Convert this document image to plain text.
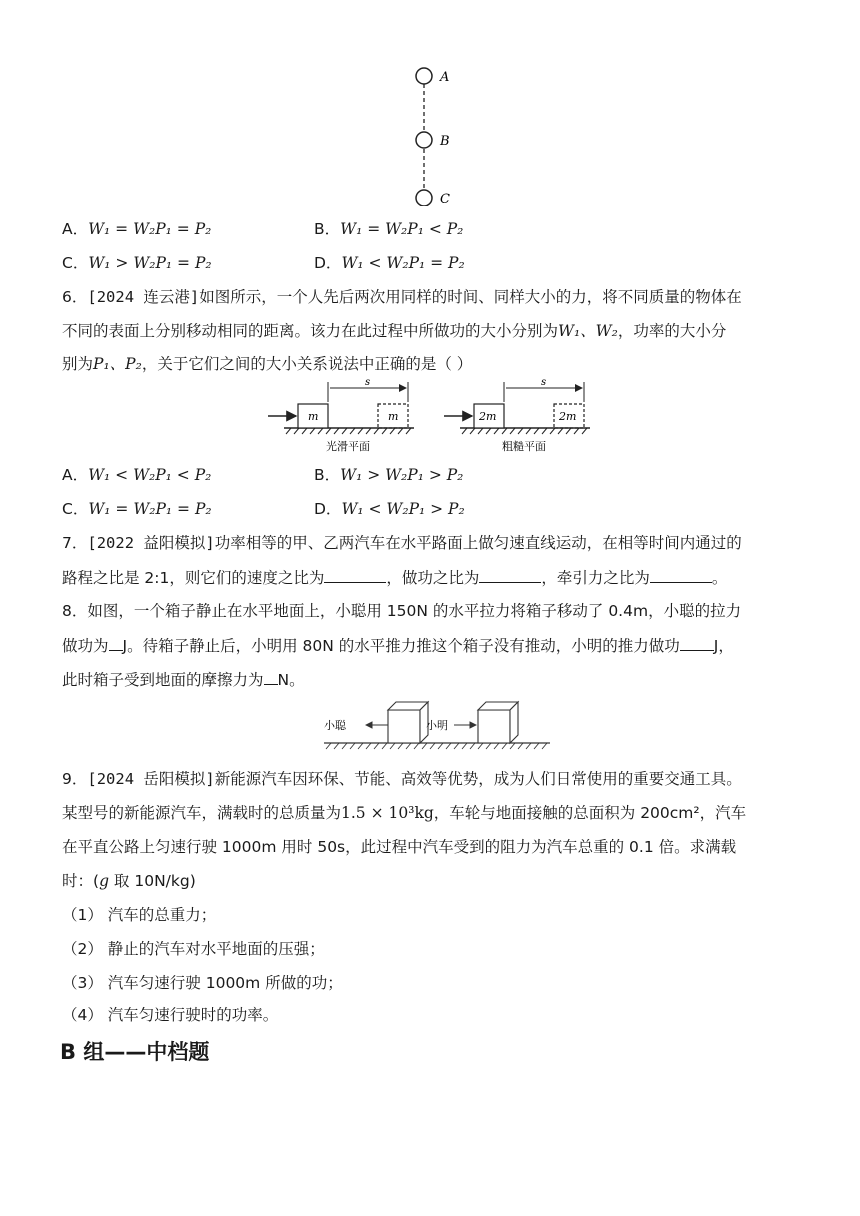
A
B
C
A．W₁ = W₂P₁ = P₂	B．W₁ = W₂P₁ < P₂
C．W₁ > W₂P₁ = P₂	D．W₁ < W₂P₁ = P₂
6．[2024 连云港]如图所示，一个人先后两次用同样的时间、同样大小的力，将不同质量的物体在
不同的表面上分别移动相同的距离。该力在此过程中所做功的大小分别为W₁、W₂，功率的大小分
别为P₁、P₂，关于它们之间的大小关系说法中正确的是（ ）
m	m
s
光滑平面
2m	2m
s
粗糙平面
A．W₁ < W₂P₁ < P₂	B．W₁ > W₂P₁ > P₂
C．W₁ = W₂P₁ = P₂	D．W₁ < W₂P₁ > P₂
7．[2022 益阳模拟]功率相等的甲、乙两汽车在水平路面上做匀速直线运动，在相等时间内通过的
路程之比是 2:1，则它们的速度之比为	，做功之比为	，牵引力之比为	。
8．如图，一个箱子静止在水平地面上，小聪用 150N 的水平拉力将箱子移动了 0.4m，小聪的拉力
做功为 J。待箱子静止后，小明用 80N 的水平推力推这个箱子没有推动，小明的推力做功 J，
此时箱子受到地面的摩擦力为 N。
小聪	小明
9．[2024 岳阳模拟]新能源汽车因环保、节能、高效等优势，成为人们日常使用的重要交通工具。
某型号的新能源汽车，满载时的总质量为1.5 × 10³kg，车轮与地面接触的总面积为 200cm²，汽车
在平直公路上匀速行驶 1000m 用时 50s，此过程中汽车受到的阻力为汽车总重的 0.1 倍。求满载
时：(g 取 10N/kg)
（1） 汽车的总重力；
（2） 静止的汽车对水平地面的压强；
（3） 汽车匀速行驶 1000m 所做的功；
（4） 汽车匀速行驶时的功率。
B 组——中档题
